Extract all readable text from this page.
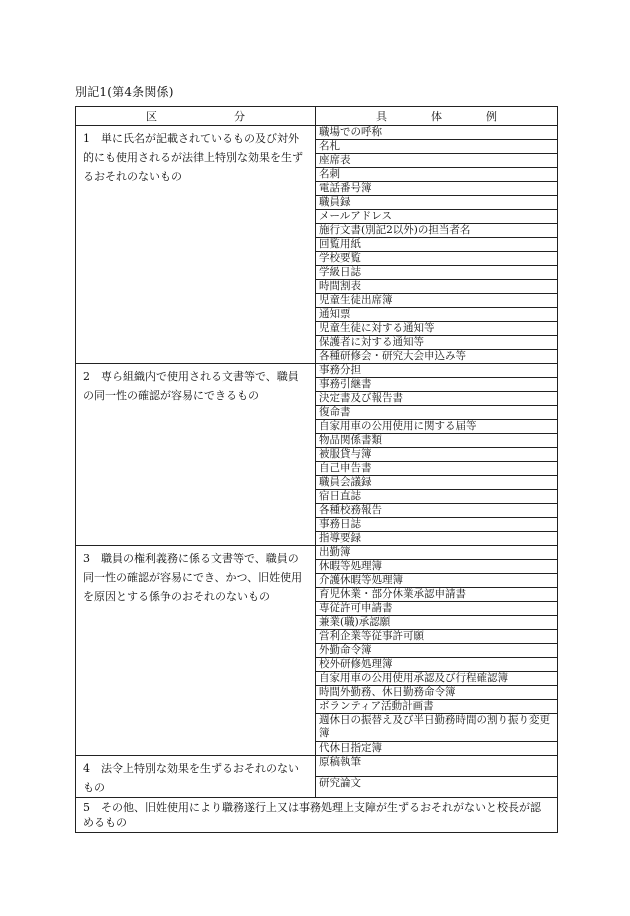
別記1(第4条関係)
区　　　　　　　分	具　　　　体　　　　例
1　単に氏名が記載されているもの及び対外的にも使用されるが法律上特別な効果を生ずるおそれのないもの	職場での呼称
	名札
	座席表
	名刺
	電話番号簿
	職員録
	メールアドレス
	施行文書(別記2以外)の担当者名
	回覧用紙
	学校要覧
	学級日誌
	時間割表
	児童生徒出席簿
	通知票
	児童生徒に対する通知等
	保護者に対する通知等
	各種研修会・研究大会申込み等
2　専ら組織内で使用される文書等で、職員の同一性の確認が容易にできるもの	事務分担
	事務引継書
	決定書及び報告書
	復命書
	自家用車の公用使用に関する届等
	物品関係書類
	被服貸与簿
	自己申告書
	職員会議録
	宿日直誌
	各種校務報告
	事務日誌
	指導要録
3　職員の権利義務に係る文書等で、職員の同一性の確認が容易にでき、かつ、旧姓使用を原因とする係争のおそれのないもの	出勤簿
	休暇等処理簿
	介護休暇等処理簿
	育児休業・部分休業承認申請書
	専従許可申請書
	兼業(職)承認願
	営利企業等従事許可願
	外勤命令簿
	校外研修処理簿
	自家用車の公用使用承認及び行程確認簿
	時間外勤務、休日勤務命令簿
	ボランティア活動計画書
	週休日の振替え及び半日勤務時間の割り振り変更簿
	代休日指定簿
4　法令上特別な効果を生ずるおそれのないもの	原稿執筆
	研究論文
5　その他、旧姓使用により職務遂行上又は事務処理上支障が生ずるおそれがないと校長が認めるもの	
